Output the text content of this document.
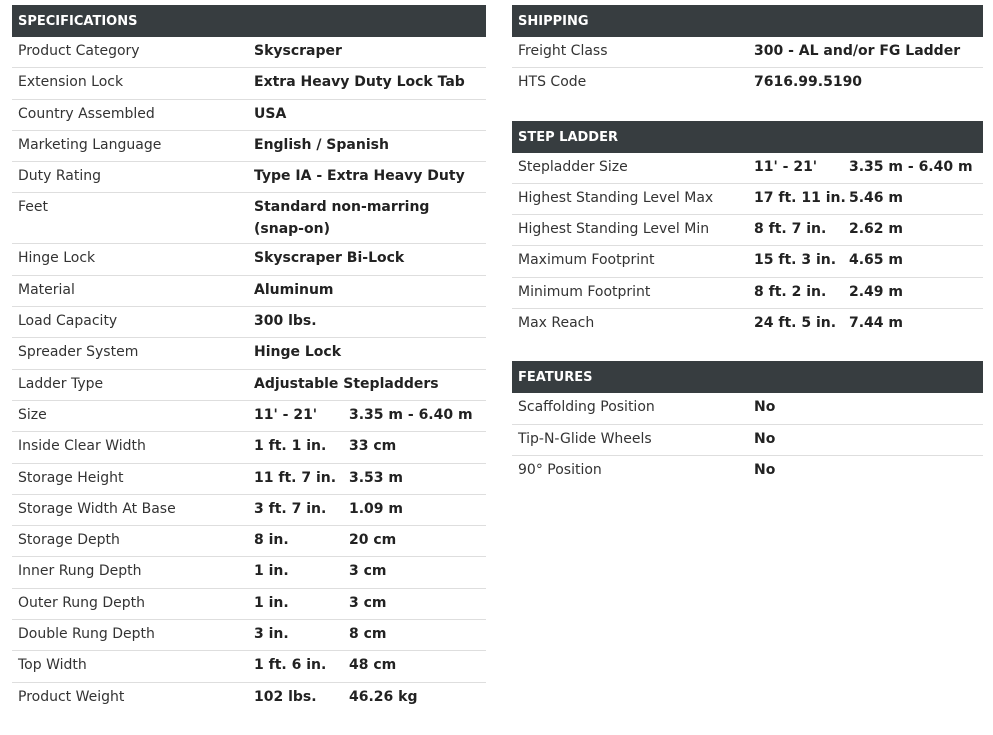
SPECIFICATIONS
Product Category	Skyscraper
Extension Lock	Extra Heavy Duty Lock Tab
Country Assembled	USA
Marketing Language	English / Spanish
Duty Rating	Type IA - Extra Heavy Duty
Feet	Standard non-marring (snap-on)
Hinge Lock	Skyscraper Bi-Lock
Material	Aluminum
Load Capacity	300 lbs.
Spreader System	Hinge Lock
Ladder Type	Adjustable Stepladders
Size	11' - 21'	3.35 m - 6.40 m
Inside Clear Width	1 ft. 1 in.	33 cm
Storage Height	11 ft. 7 in. 3.53 m
Storage Width At Base	3 ft. 7 in.	1.09 m
Storage Depth	8 in.	20 cm
Inner Rung Depth	1 in.	3 cm
Outer Rung Depth	1 in.	3 cm
Double Rung Depth	3 in.	8 cm
Top Width	1 ft. 6 in.	48 cm
Product Weight	102 lbs.	46.26 kg
SHIPPING
Freight Class	300 - AL and/or FG Ladder
HTS Code	7616.99.5190
STEP LADDER
Stepladder Size	11' - 21'	3.35 m - 6.40 m
Highest Standing Level Max	17 ft. 11 in. 5.46 m
Highest Standing Level Min	8 ft. 7 in.	2.62 m
Maximum Footprint	15 ft. 3 in. 4.65 m
Minimum Footprint	8 ft. 2 in.	2.49 m
Max Reach	24 ft. 5 in. 7.44 m
FEATURES
Scaffolding Position	No
Tip-N-Glide Wheels	No
90° Position	No
